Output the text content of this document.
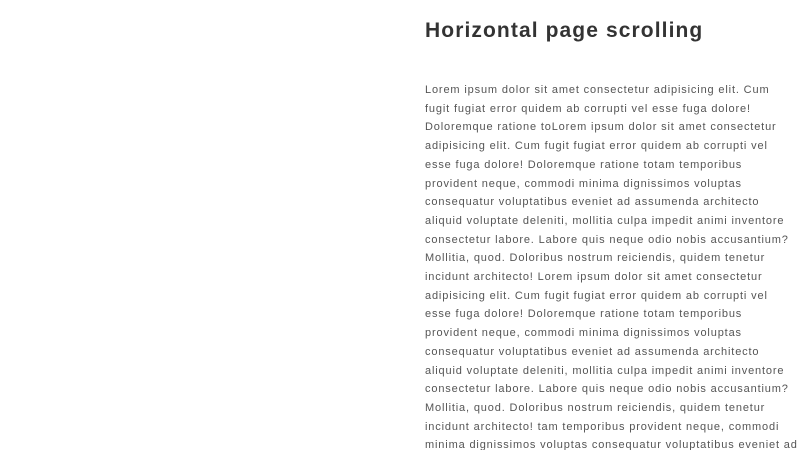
Horizontal page scrolling

Lorem ipsum dolor sit amet consectetur adipisicing elit. Cum
fugit fugiat error quidem ab corrupti vel esse fuga dolore!
Doloremque ratione toLorem ipsum dolor sit amet consectetur
adipisicing elit. Cum fugit fugiat error quidem ab corrupti vel
esse fuga dolore! Doloremque ratione totam temporibus
provident neque, commodi minima dignissimos voluptas
consequatur voluptatibus eveniet ad assumenda architecto
aliquid voluptate deleniti, mollitia culpa impedit animi inventore
consectetur labore. Labore quis neque odio nobis accusantium?
Mollitia, quod. Doloribus nostrum reiciendis, quidem tenetur
incidunt architecto! Lorem ipsum dolor sit amet consectetur
adipisicing elit. Cum fugit fugiat error quidem ab corrupti vel
esse fuga dolore! Doloremque ratione totam temporibus
provident neque, commodi minima dignissimos voluptas
consequatur voluptatibus eveniet ad assumenda architecto
aliquid voluptate deleniti, mollitia culpa impedit animi inventore
consectetur labore. Labore quis neque odio nobis accusantium?
Mollitia, quod. Doloribus nostrum reiciendis, quidem tenetur
incidunt architecto! tam temporibus provident neque, commodi
minima dignissimos voluptas consequatur voluptatibus eveniet ad
